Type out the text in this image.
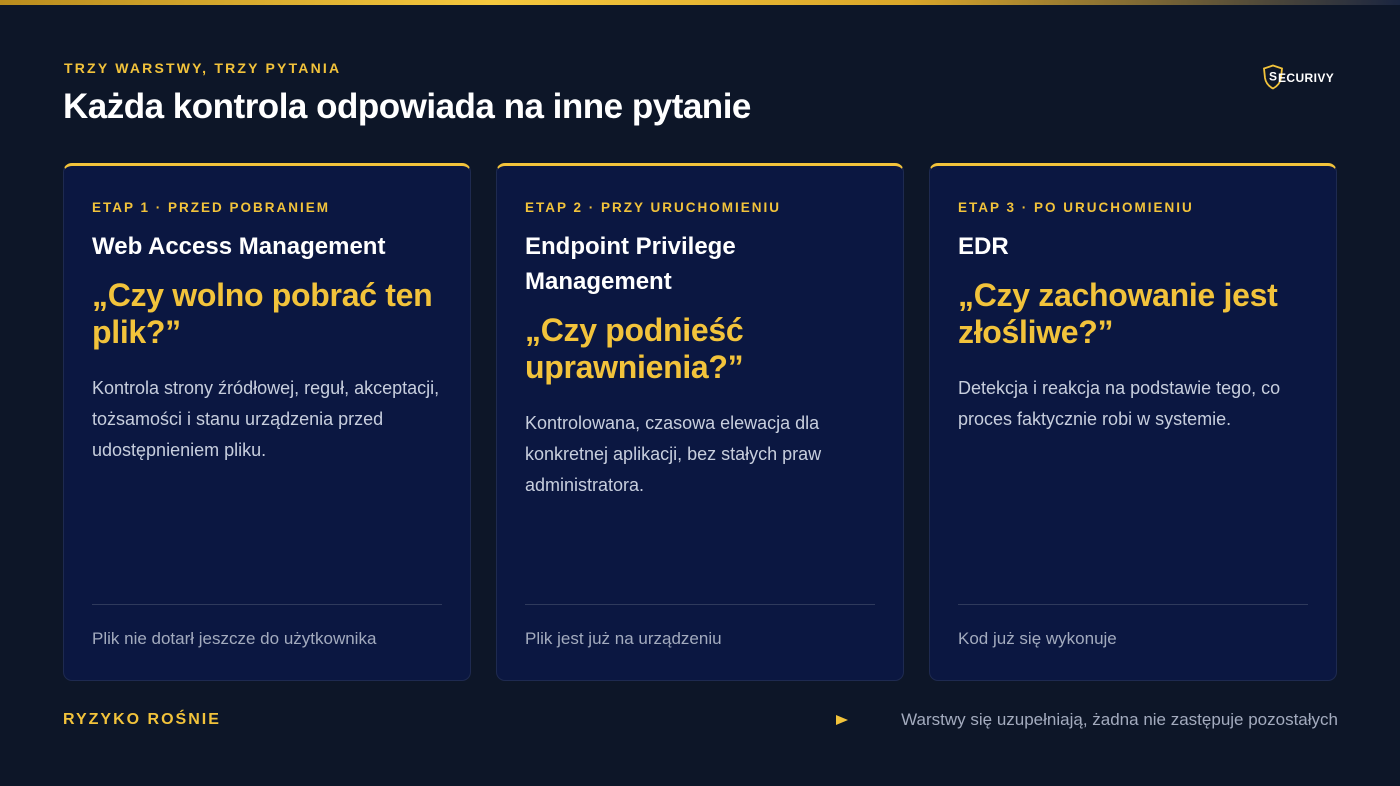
TRZY WARSTWY, TRZY PYTANIA
Każda kontrola odpowiada na inne pytanie
S ECURIVY
ETAP 1 · PRZED POBRANIEM
Web Access Management
„Czy wolno pobrać ten plik?”
Kontrola strony źródłowej, reguł, akceptacji, tożsamości i stanu urządzenia przed udostępnieniem pliku.
Plik nie dotarł jeszcze do użytkownika
ETAP 2 · PRZY URUCHOMIENIU
Endpoint Privilege Management
„Czy podnieść uprawnienia?”
Kontrolowana, czasowa elewacja dla konkretnej aplikacji, bez stałych praw administratora.
Plik jest już na urządzeniu
ETAP 3 · PO URUCHOMIENIU
EDR
„Czy zachowanie jest złośliwe?”
Detekcja i reakcja na podstawie tego, co proces faktycznie robi w systemie.
Kod już się wykonuje
RYZYKO ROŚNIE	Warstwy się uzupełniają, żadna nie zastępuje pozostałych
